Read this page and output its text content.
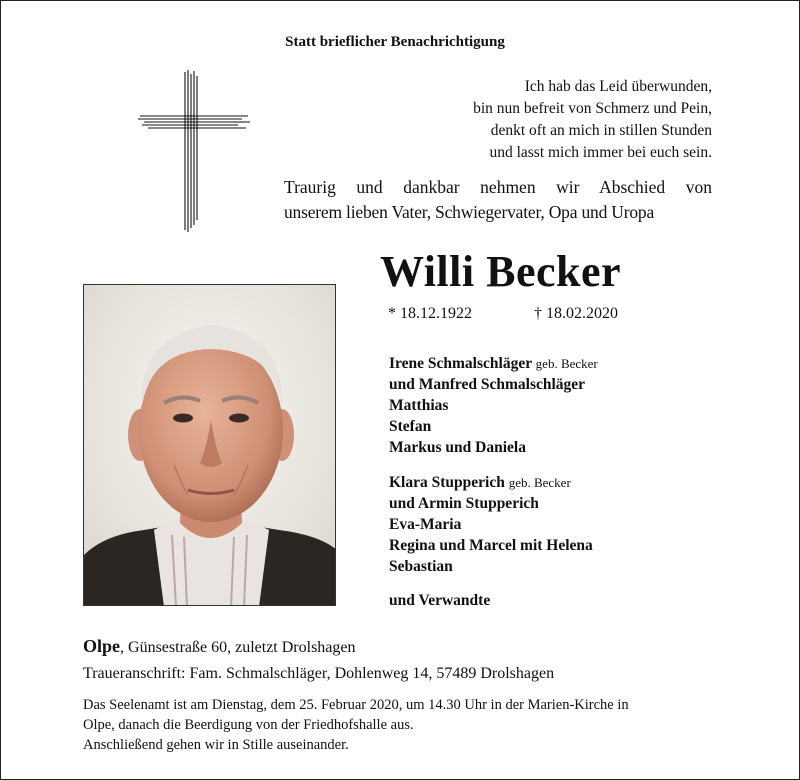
Statt brieflicher Benachrichtigung
Ich hab das Leid überwunden,
bin nun befreit von Schmerz und Pein,
denkt oft an mich in stillen Stunden
und lasst mich immer bei euch sein.
Traurig und dankbar nehmen wir Abschied von
unserem lieben Vater, Schwiegervater, Opa und Uropa
Willi Becker
* 18.12.1922	† 18.02.2020
Irene Schmalschläger geb. Becker
und Manfred Schmalschläger
Matthias
Stefan
Markus und Daniela
Klara Stupperich geb. Becker
und Armin Stupperich
Eva-Maria
Regina und Marcel mit Helena
Sebastian
und Verwandte
Olpe, Günsestraße 60, zuletzt Drolshagen
Traueranschrift: Fam. Schmalschläger, Dohlenweg 14, 57489 Drolshagen
Das Seelenamt ist am Dienstag, dem 25. Februar 2020, um 14.30 Uhr in der Marien-Kirche in
Olpe, danach die Beerdigung von der Friedhofshalle aus.
Anschließend gehen wir in Stille auseinander.
